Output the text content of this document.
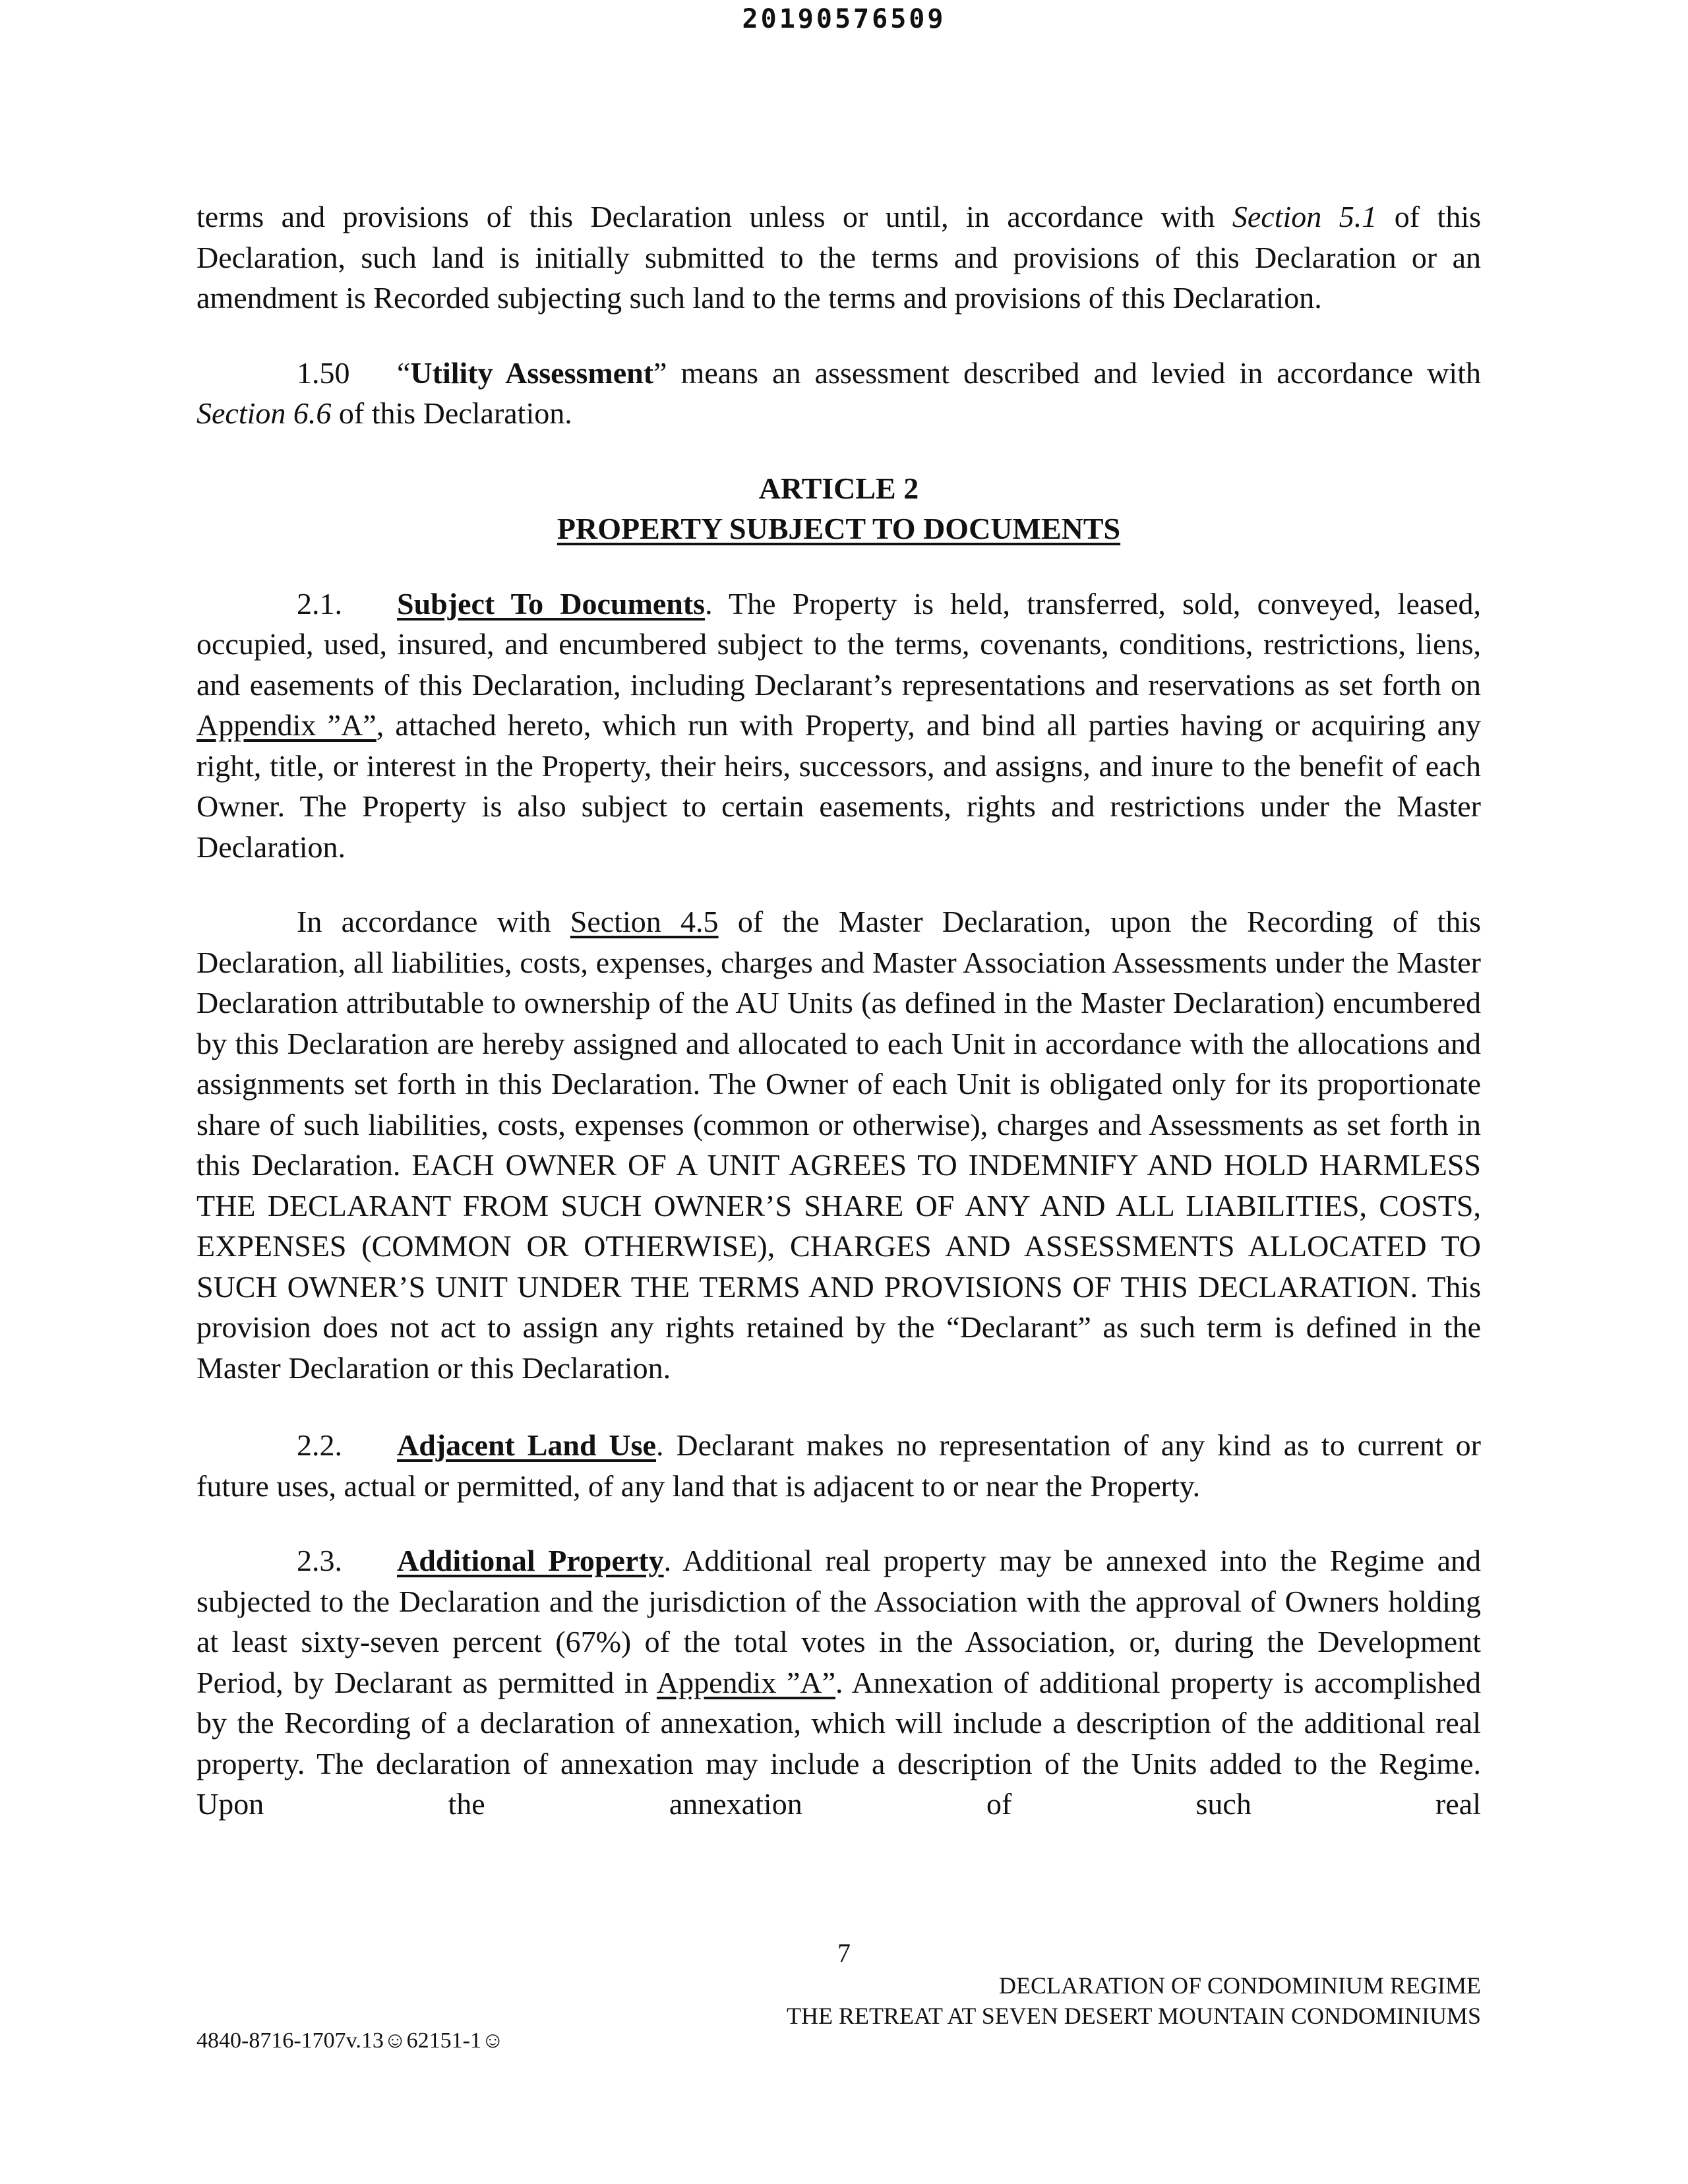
20190576509

terms and provisions of this Declaration unless or until, in accordance with Section 5.1 of this Declaration, such land is initially submitted to the terms and provisions of this Declaration or an amendment is Recorded subjecting such land to the terms and provisions of this Declaration.

1.50 “Utility Assessment” means an assessment described and levied in accordance with Section 6.6 of this Declaration.

ARTICLE 2

PROPERTY SUBJECT TO DOCUMENTS

2.1. Subject To Documents. The Property is held, transferred, sold, conveyed, leased, occupied, used, insured, and encumbered subject to the terms, covenants, conditions, restrictions, liens, and easements of this Declaration, including Declarant’s representations and reservations as set forth on Appendix ”A”, attached hereto, which run with Property, and bind all parties having or acquiring any right, title, or interest in the Property, their heirs, successors, and assigns, and inure to the benefit of each Owner. The Property is also subject to certain easements, rights and restrictions under the Master Declaration.

In accordance with Section 4.5 of the Master Declaration, upon the Recording of this Declaration, all liabilities, costs, expenses, charges and Master Association Assessments under the Master Declaration attributable to ownership of the AU Units (as defined in the Master Declaration) encumbered by this Declaration are hereby assigned and allocated to each Unit in accordance with the allocations and assignments set forth in this Declaration. The Owner of each Unit is obligated only for its proportionate share of such liabilities, costs, expenses (common or otherwise), charges and Assessments as set forth in this Declaration. EACH OWNER OF A UNIT AGREES TO INDEMNIFY AND HOLD HARMLESS THE DECLARANT FROM SUCH OWNER’S SHARE OF ANY AND ALL LIABILITIES, COSTS, EXPENSES (COMMON OR OTHERWISE), CHARGES AND ASSESSMENTS ALLOCATED TO SUCH OWNER’S UNIT UNDER THE TERMS AND PROVISIONS OF THIS DECLARATION. This provision does not act to assign any rights retained by the “Declarant” as such term is defined in the Master Declaration or this Declaration.

2.2. Adjacent Land Use. Declarant makes no representation of any kind as to current or future uses, actual or permitted, of any land that is adjacent to or near the Property.

2.3. Additional Property. Additional real property may be annexed into the Regime and subjected to the Declaration and the jurisdiction of the Association with the approval of Owners holding at least sixty-seven percent (67%) of the total votes in the Association, or, during the Development Period, by Declarant as permitted in Appendix ”A”. Annexation of additional property is accomplished by the Recording of a declaration of annexation, which will include a description of the additional real property. The declaration of annexation may include a description of the Units added to the Regime. Upon the annexation of such real

7
DECLARATION OF CONDOMINIUM REGIME
THE RETREAT AT SEVEN DESERT MOUNTAIN CONDOMINIUMS
4840-8716-1707v.13☺62151-1☺
